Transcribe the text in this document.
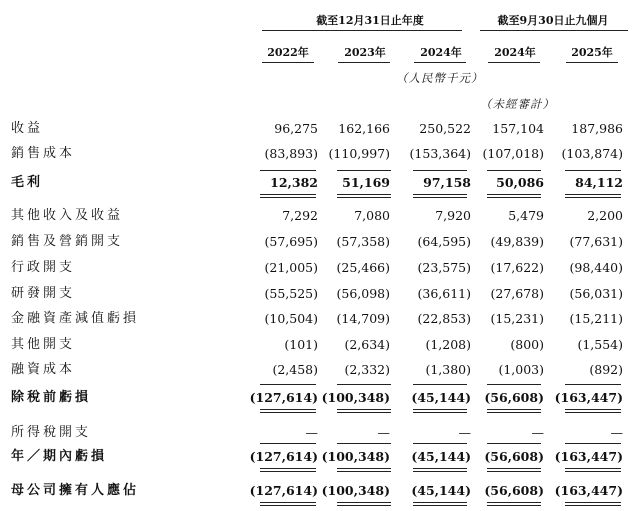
截至12月31日止年度	截至9月30日止九個月
2022年	2023年	2024年	2024年	2025年
（人民幣千元）
（未經審計）
收益	96,275	162,166	250,522	157,104	187,986
銷售成本	(83,893) (110,997)	(153,364) (107,018)	(103,874)
毛利	12,382	51,169	97,158	50,086	84,112
其他收入及收益	7,292	7,080	7,920	5,479	2,200
銷售及營銷開支	(57,695)	(57,358)	(64,595)	(49,839)	(77,631)
行政開支	(21,005)	(25,466)	(23,575)	(17,622)	(98,440)
研發開支	(55,525)	(56,098)	(36,611)	(27,678)	(56,031)
金融資產減值虧損	(10,504)	(14,709)	(22,853)	(15,231)	(15,211)
其他開支	(101)	(2,634)	(1,208)	(800)	(1,554)
融資成本	(2,458)	(2,332)	(1,380)	(1,003)	(892)
除稅前虧損	(127,614) (100,348)	(45,144)	(56,608) (163,447)
所得稅開支	—	—	—	—	—
年／期內虧損	(127,614) (100,348)	(45,144)	(56,608) (163,447)
母公司擁有人應佔	(127,614) (100,348)	(45,144)	(56,608) (163,447)
